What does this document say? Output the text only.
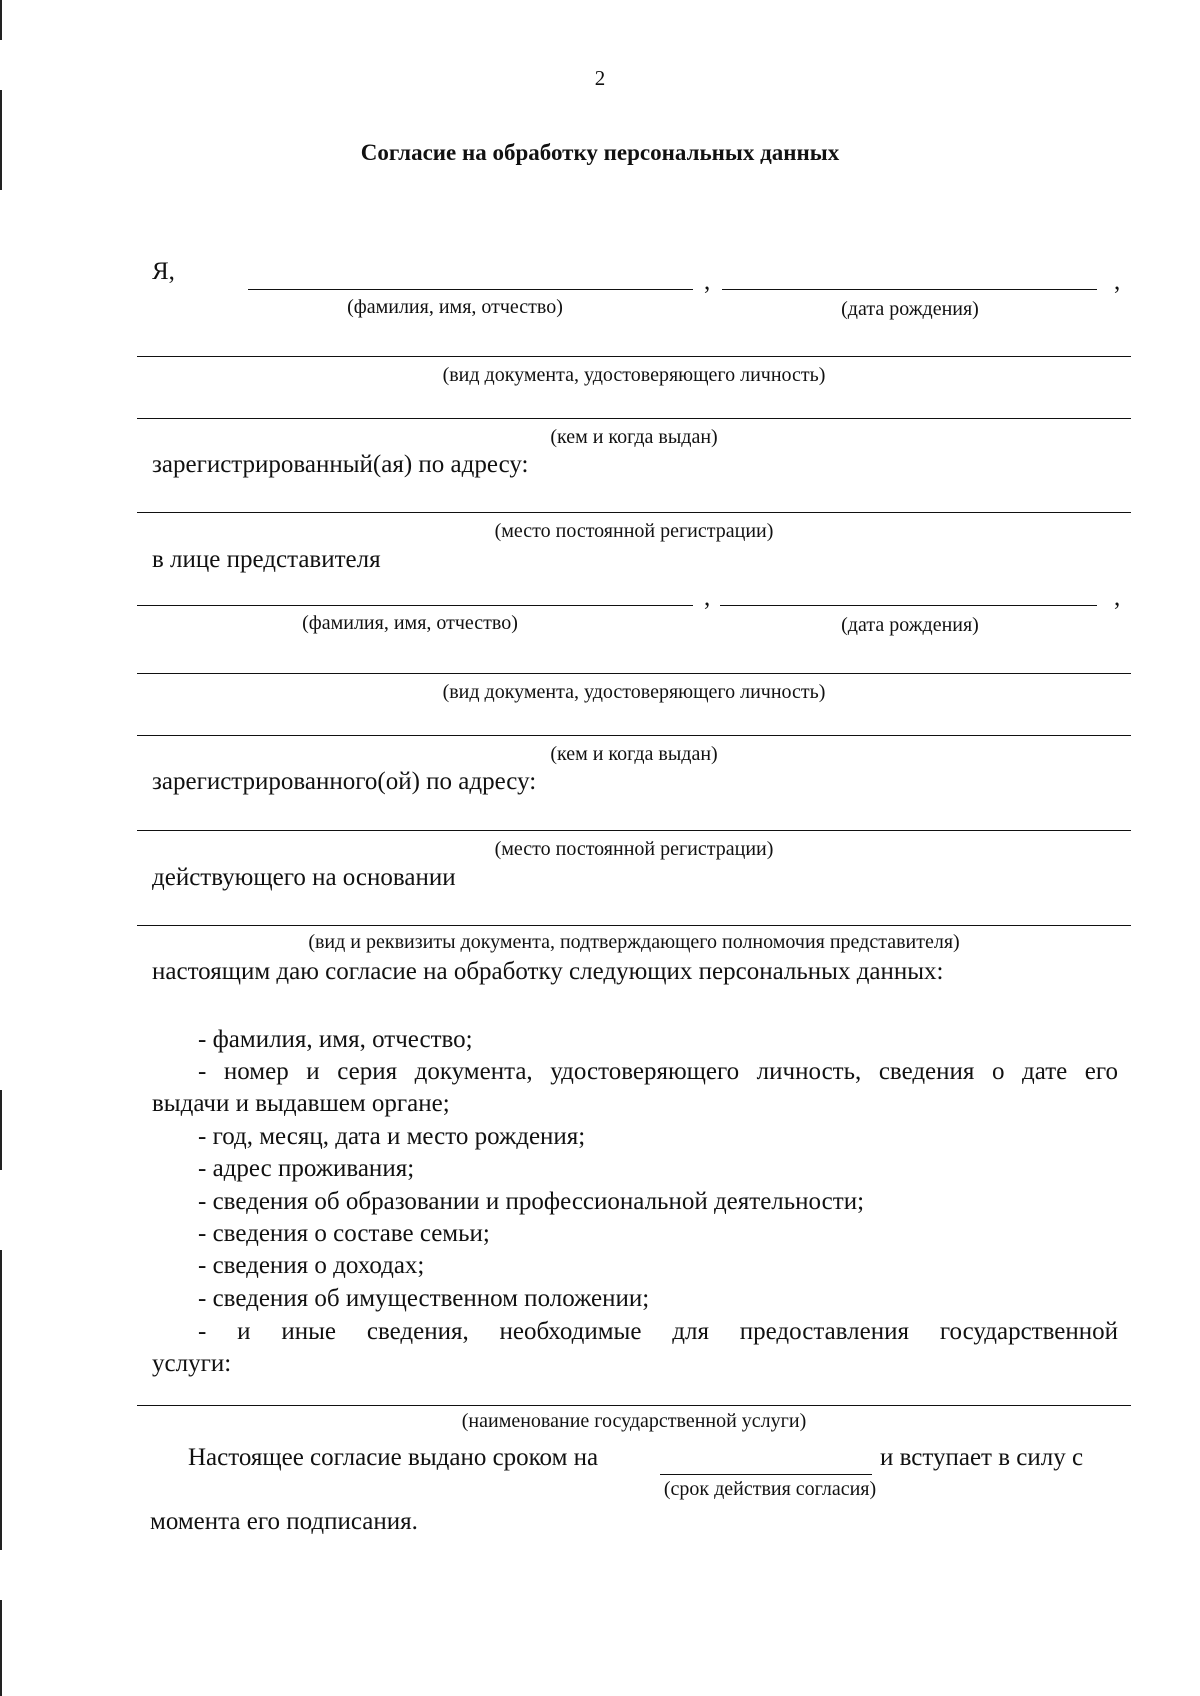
2
Согласие на обработку персональных данных
Я,	,	,
(фамилия, имя, отчество)	(дата рождения)
(вид документа, удостоверяющего личность)
(кем и когда выдан)
зарегистрированный(ая) по адресу:
(место постоянной регистрации)
в лице представителя
,	,
(фамилия, имя, отчество)	(дата рождения)
(вид документа, удостоверяющего личность)
(кем и когда выдан)
зарегистрированного(ой) по адресу:
(место постоянной регистрации)
действующего на основании
(вид и реквизиты документа, подтверждающего полномочия представителя)
настоящим даю согласие на обработку следующих персональных данных:
- фамилия, имя, отчество;
- номер и серия документа, удостоверяющего личность, сведения о дате его
выдачи и выдавшем органе;
- год, месяц, дата и место рождения;
- адрес проживания;
- сведения об образовании и профессиональной деятельности;
- сведения о составе семьи;
- сведения о доходах;
- сведения об имущественном положении;
- и иные сведения, необходимые для предоставления государственной
услуги:
(наименование государственной услуги)
Настоящее согласие выдано сроком на	и вступает в силу с
(срок действия согласия)
момента его подписания.
